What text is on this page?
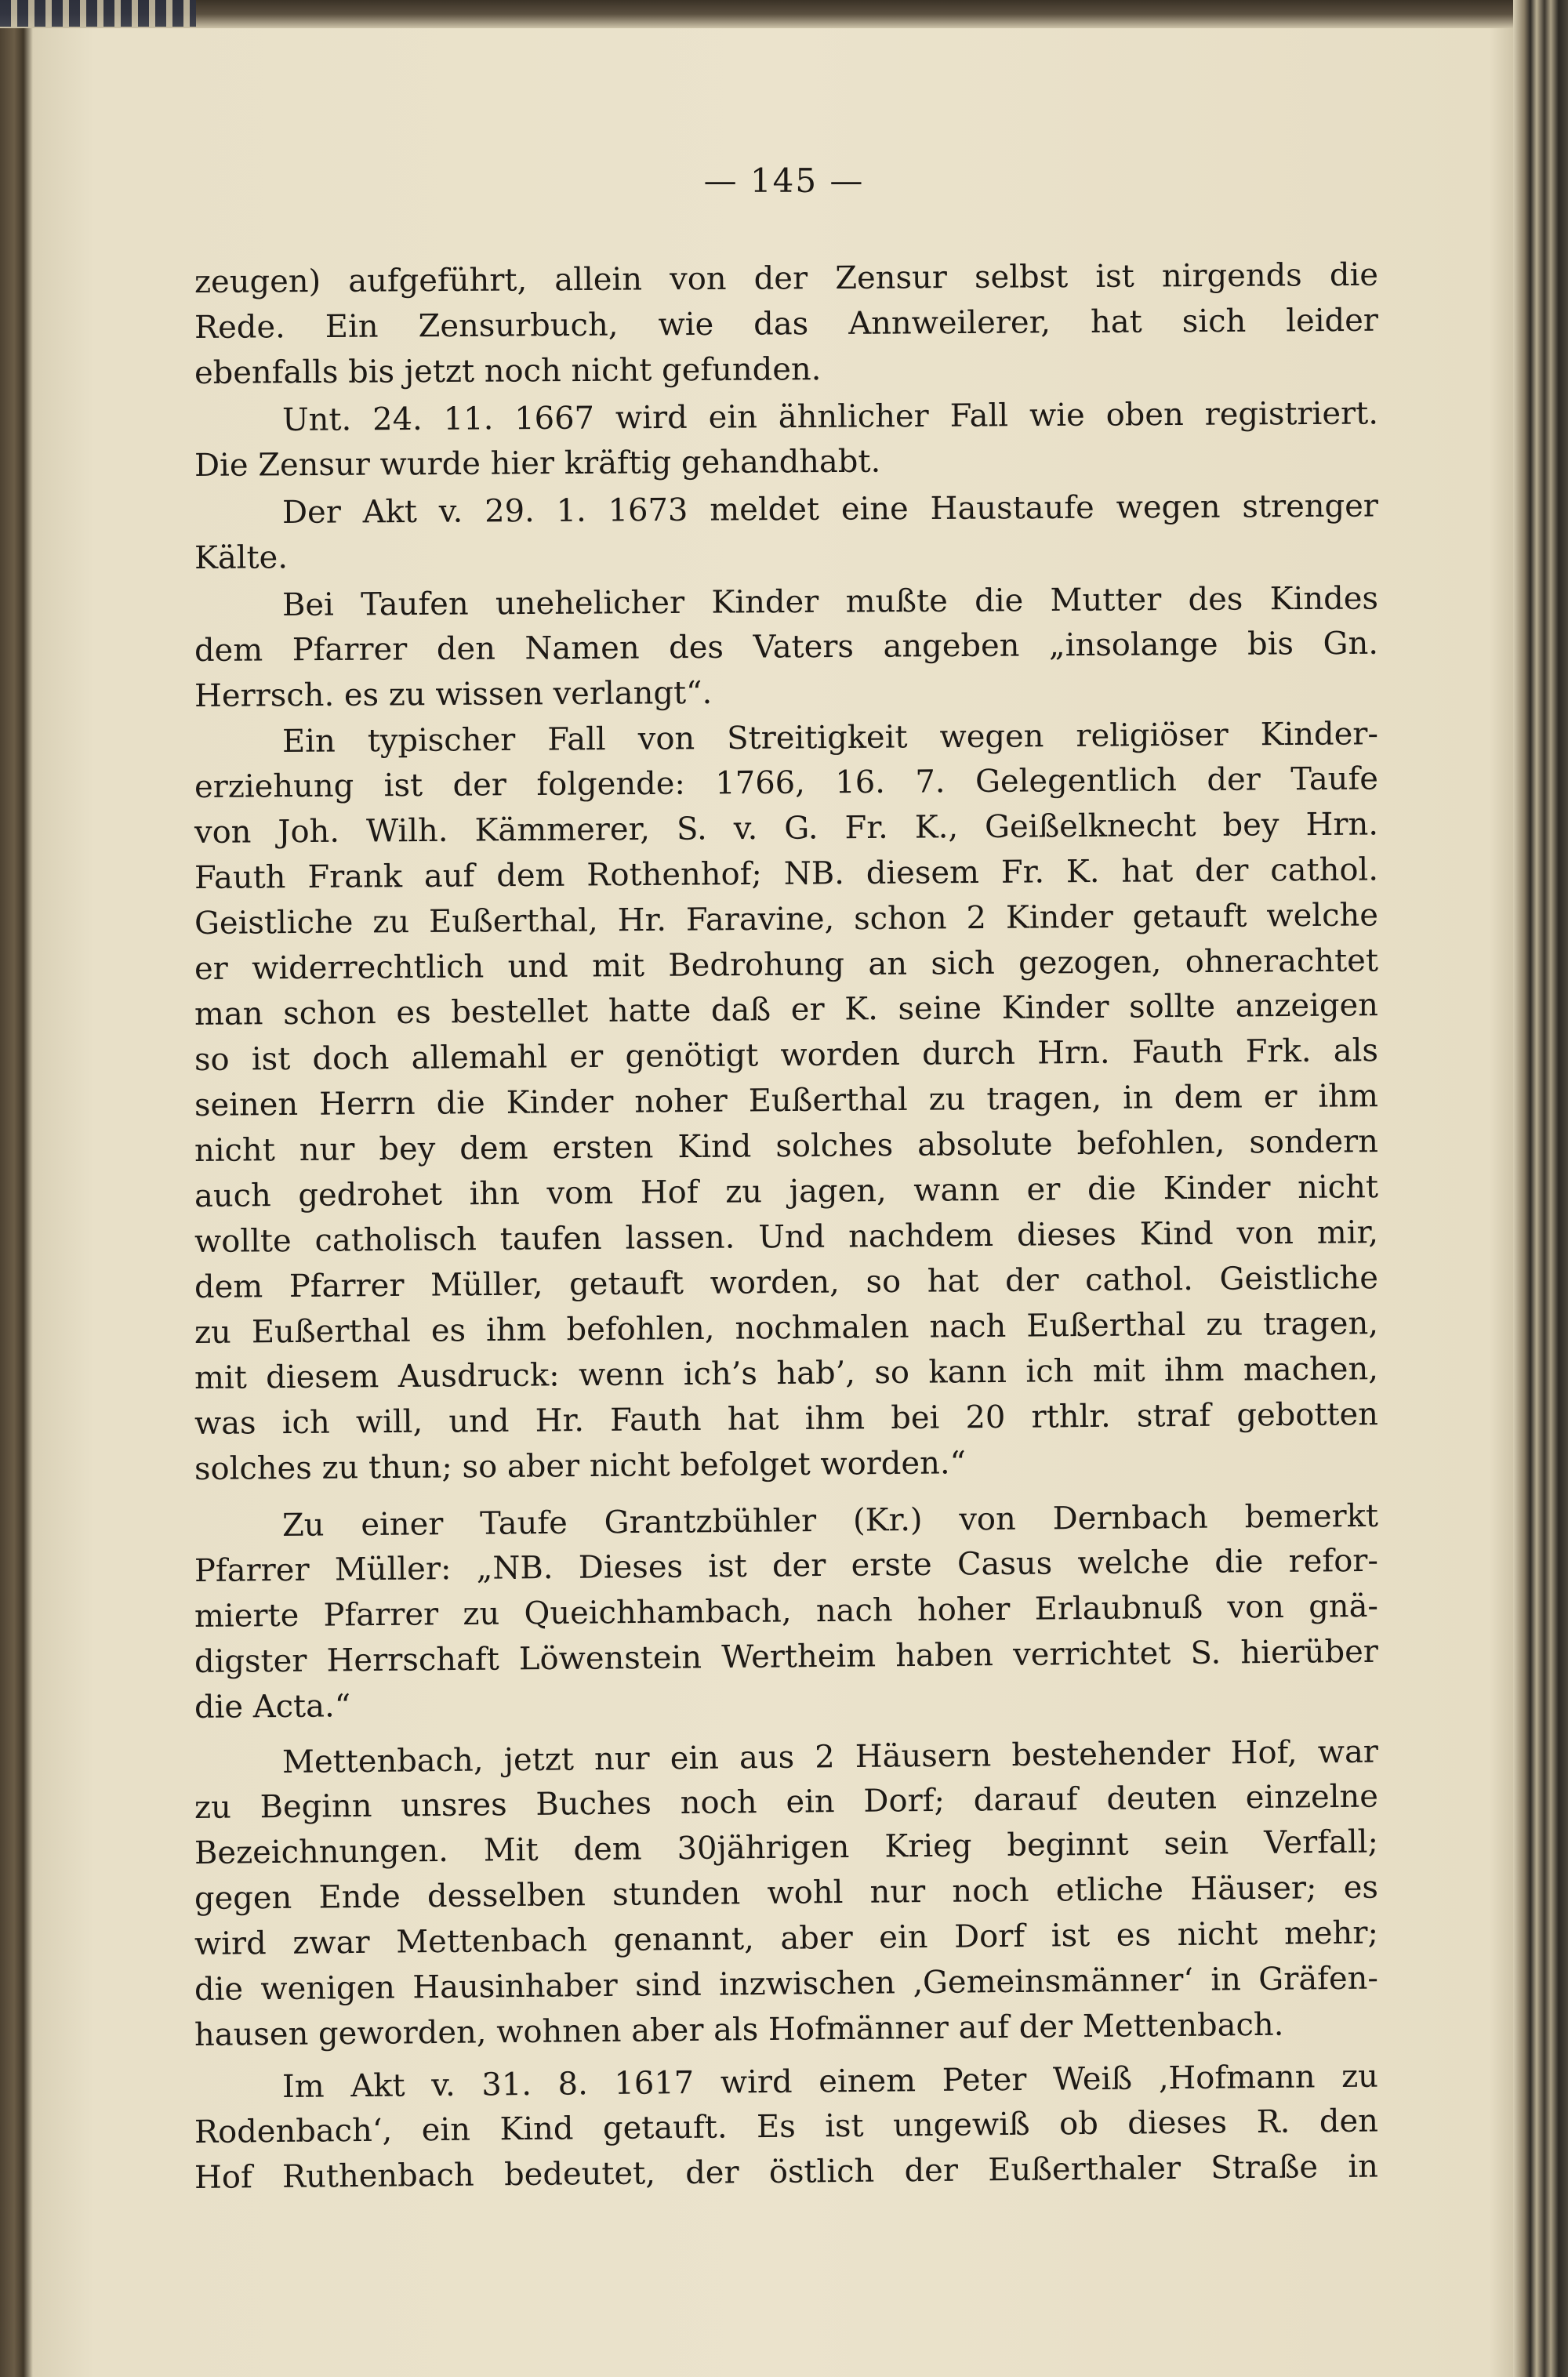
— 145 —
zeugen) aufgeführt, allein von der Zensur selbst ist nirgends die
Rede. Ein Zensurbuch, wie das Annweilerer, hat sich leider
ebenfalls bis jetzt noch nicht gefunden.
Unt. 24. 11. 1667 wird ein ähnlicher Fall wie oben registriert.
Die Zensur wurde hier kräftig gehandhabt.
Der Akt v. 29. 1. 1673 meldet eine Haustaufe wegen strenger
Kälte.
Bei Taufen unehelicher Kinder mußte die Mutter des Kindes
dem Pfarrer den Namen des Vaters angeben „insolange bis Gn.
Herrsch. es zu wissen verlangt“.
Ein typischer Fall von Streitigkeit wegen religiöser Kinder-
erziehung ist der folgende: 1766, 16. 7. Gelegentlich der Taufe
von Joh. Wilh. Kämmerer, S. v. G. Fr. K., Geißelknecht bey Hrn.
Fauth Frank auf dem Rothenhof; NB. diesem Fr. K. hat der cathol.
Geistliche zu Eußerthal, Hr. Faravine, schon 2 Kinder getauft welche
er widerrechtlich und mit Bedrohung an sich gezogen, ohnerachtet
man schon es bestellet hatte daß er K. seine Kinder sollte anzeigen
so ist doch allemahl er genötigt worden durch Hrn. Fauth Frk. als
seinen Herrn die Kinder noher Eußerthal zu tragen, in dem er ihm
nicht nur bey dem ersten Kind solches absolute befohlen, sondern
auch gedrohet ihn vom Hof zu jagen, wann er die Kinder nicht
wollte catholisch taufen lassen. Und nachdem dieses Kind von mir,
dem Pfarrer Müller, getauft worden, so hat der cathol. Geistliche
zu Eußerthal es ihm befohlen, nochmalen nach Eußerthal zu tragen,
mit diesem Ausdruck: wenn ich’s hab’, so kann ich mit ihm machen,
was ich will, und Hr. Fauth hat ihm bei 20 rthlr. straf gebotten
solches zu thun; so aber nicht befolget worden.“
Zu einer Taufe Grantzbühler (Kr.) von Dernbach bemerkt
Pfarrer Müller: „NB. Dieses ist der erste Casus welche die refor-
mierte Pfarrer zu Queichhambach, nach hoher Erlaubnuß von gnä-
digster Herrschaft Löwenstein Wertheim haben verrichtet S. hierüber
die Acta.“
Mettenbach, jetzt nur ein aus 2 Häusern bestehender Hof, war
zu Beginn unsres Buches noch ein Dorf; darauf deuten einzelne
Bezeichnungen. Mit dem 30jährigen Krieg beginnt sein Verfall;
gegen Ende desselben stunden wohl nur noch etliche Häuser; es
wird zwar Mettenbach genannt, aber ein Dorf ist es nicht mehr;
die wenigen Hausinhaber sind inzwischen ‚Gemeinsmänner‘ in Gräfen-
hausen geworden, wohnen aber als Hofmänner auf der Mettenbach.
Im Akt v. 31. 8. 1617 wird einem Peter Weiß ‚Hofmann zu
Rodenbach‘, ein Kind getauft. Es ist ungewiß ob dieses R. den
Hof Ruthenbach bedeutet, der östlich der Eußerthaler Straße in
